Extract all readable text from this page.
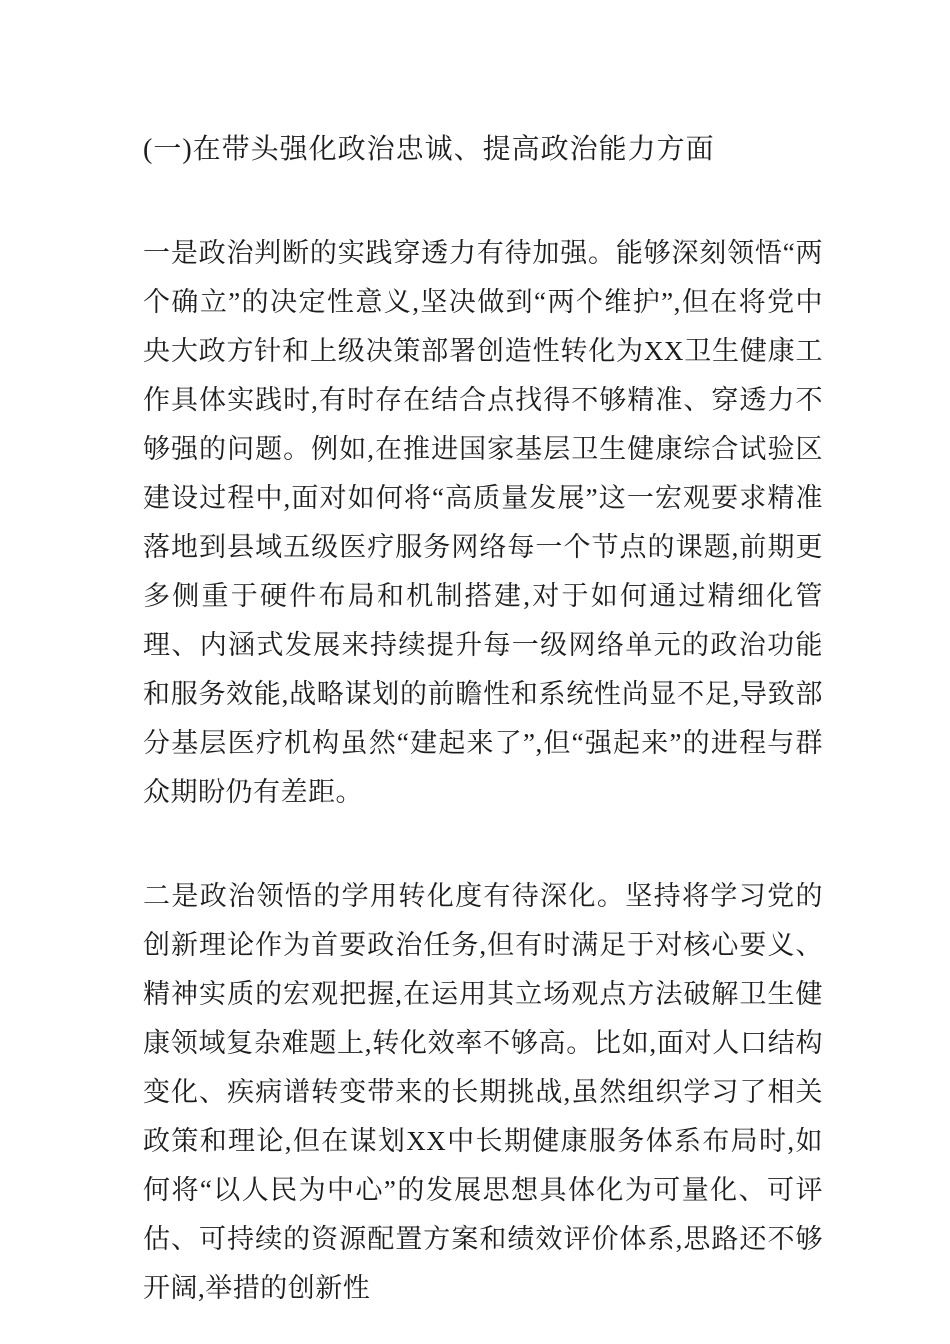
(一)在带头强化政治忠诚、提高政治能力方面

一是政治判断的实践穿透力有待加强。能够深刻领悟“两个确立”的决定性意义,坚决做到“两个维护”,但在将党中央大政方针和上级决策部署创造性转化为XX卫生健康工作具体实践时,有时存在结合点找得不够精准、穿透力不够强的问题。例如,在推进国家基层卫生健康综合试验区建设过程中,面对如何将“高质量发展”这一宏观要求精准落地到县域五级医疗服务网络每一个节点的课题,前期更多侧重于硬件布局和机制搭建,对于如何通过精细化管理、内涵式发展来持续提升每一级网络单元的政治功能和服务效能,战略谋划的前瞻性和系统性尚显不足,导致部分基层医疗机构虽然“建起来了”,但“强起来”的进程与群众期盼仍有差距。

二是政治领悟的学用转化度有待深化。坚持将学习党的创新理论作为首要政治任务,但有时满足于对核心要义、精神实质的宏观把握,在运用其立场观点方法破解卫生健康领域复杂难题上,转化效率不够高。比如,面对人口结构变化、疾病谱转变带来的长期挑战,虽然组织学习了相关政策和理论,但在谋划XX中长期健康服务体系布局时,如何将“以人民为中心”的发展思想具体化为可量化、可评估、可持续的资源配置方案和绩效评价体系,思路还不够开阔,举措的创新性
